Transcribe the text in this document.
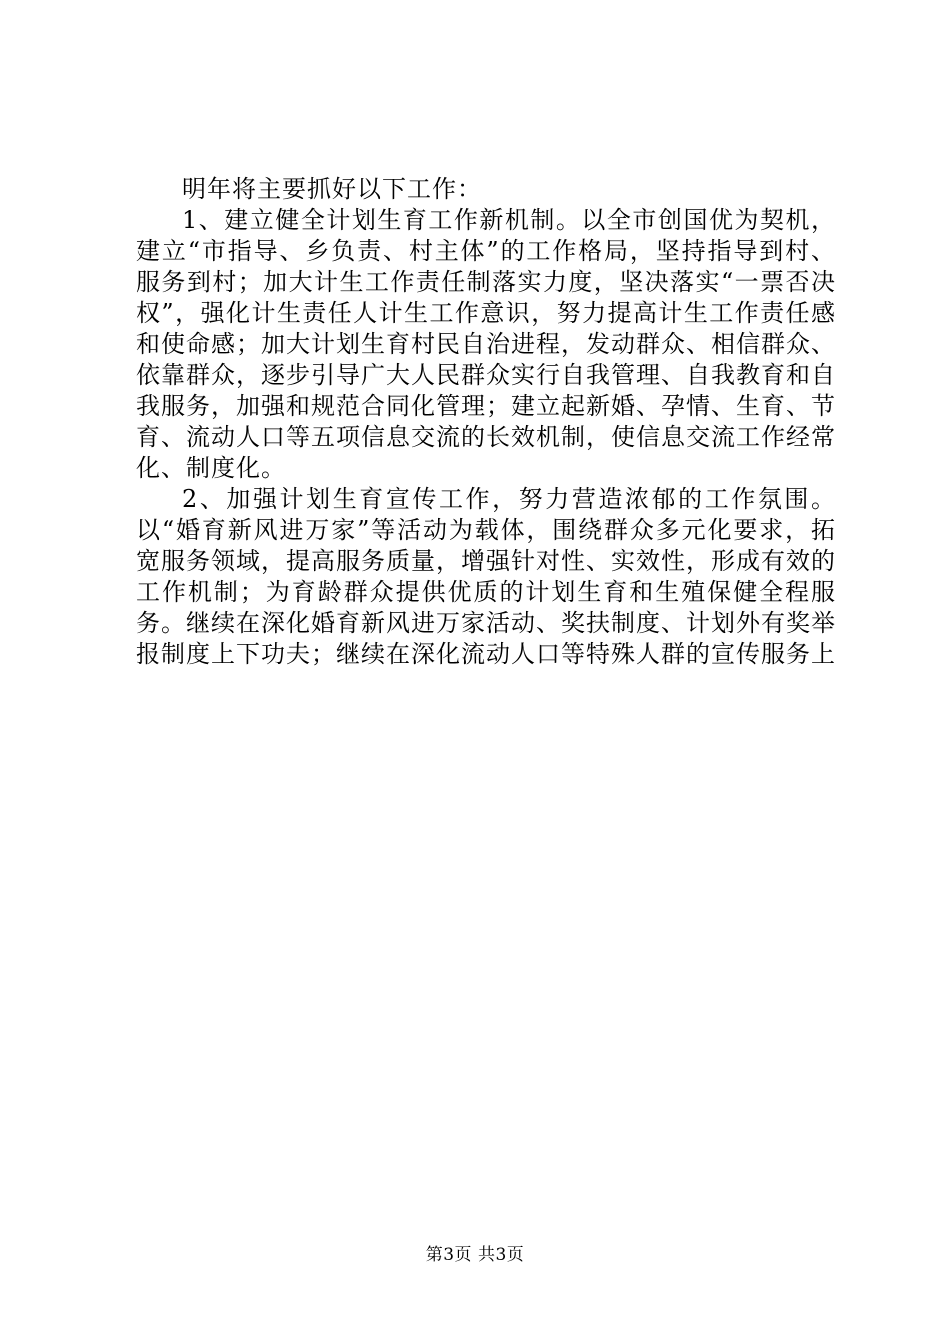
明年将主要抓好以下工作：

1、建立健全计划生育工作新机制。以全市创国优为契机，建立“市指导、乡负责、村主体”的工作格局，坚持指导到村、服务到村；加大计生工作责任制落实力度，坚决落实“一票否决权”，强化计生责任人计生工作意识，努力提高计生工作责任感和使命感；加大计划生育村民自治进程，发动群众、相信群众、依靠群众，逐步引导广大人民群众实行自我管理、自我教育和自我服务，加强和规范合同化管理；建立起新婚、孕情、生育、节育、流动人口等五项信息交流的长效机制，使信息交流工作经常化、制度化。

2、加强计划生育宣传工作，努力营造浓郁的工作氛围。以“婚育新风进万家”等活动为载体，围绕群众多元化要求，拓宽服务领域，提高服务质量，增强针对性、实效性，形成有效的工作机制；为育龄群众提供优质的计划生育和生殖保健全程服务。继续在深化婚育新风进万家活动、奖扶制度、计划外有奖举报制度上下功夫；继续在深化流动人口等特殊人群的宣传服务上

第3页 共3页
